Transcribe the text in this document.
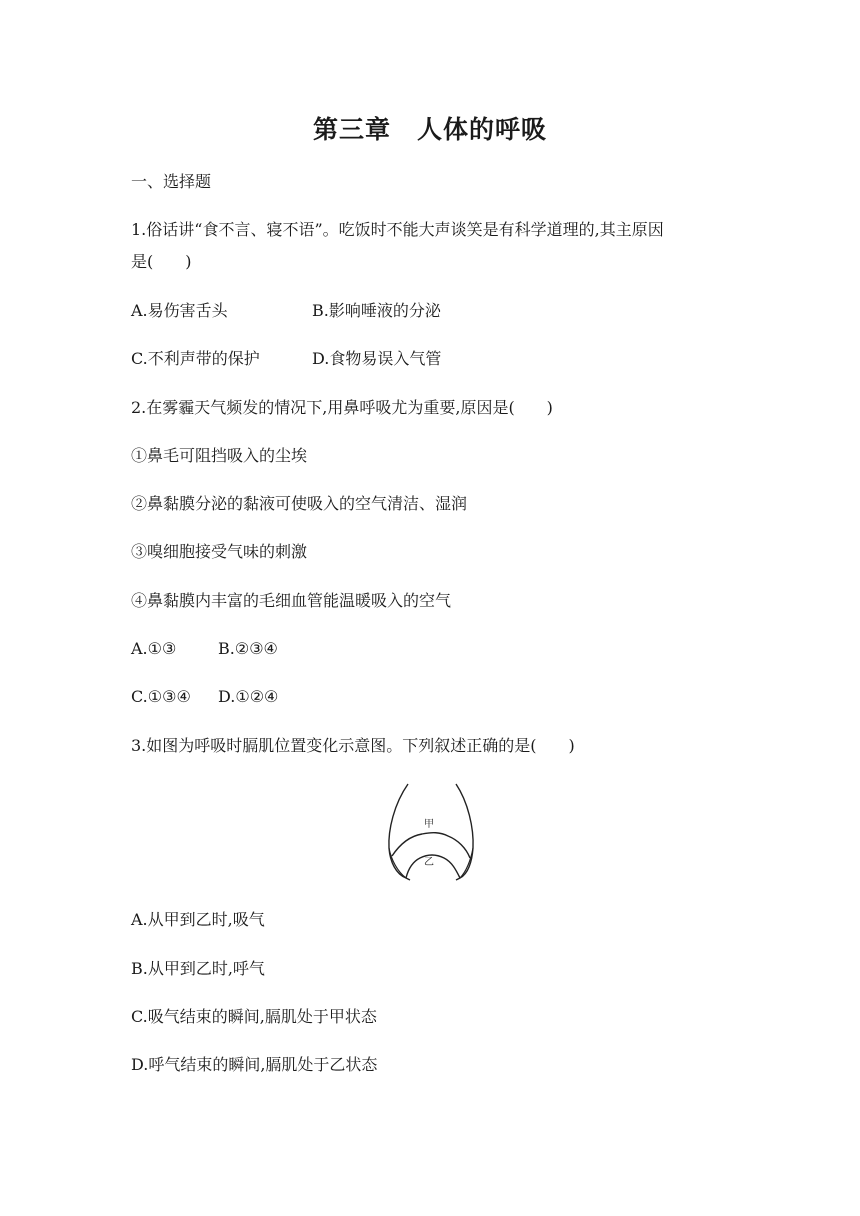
第三章　人体的呼吸
一、选择题
1.俗话讲“食不言、寝不语”。吃饭时不能大声谈笑是有科学道理的,其主原因
是(　　)
A.易伤害舌头	B.影响唾液的分泌
C.不利声带的保护	D.食物易误入气管
2.在雾霾天气频发的情况下,用鼻呼吸尤为重要,原因是(　　)
①鼻毛可阻挡吸入的尘埃
②鼻黏膜分泌的黏液可使吸入的空气清洁、湿润
③嗅细胞接受气味的刺激
④鼻黏膜内丰富的毛细血管能温暖吸入的空气
A.①③	B.②③④
C.①③④ D.①②④
3.如图为呼吸时膈肌位置变化示意图。下列叙述正确的是(　　)
甲
乙
A.从甲到乙时,吸气
B.从甲到乙时,呼气
C.吸气结束的瞬间,膈肌处于甲状态
D.呼气结束的瞬间,膈肌处于乙状态
